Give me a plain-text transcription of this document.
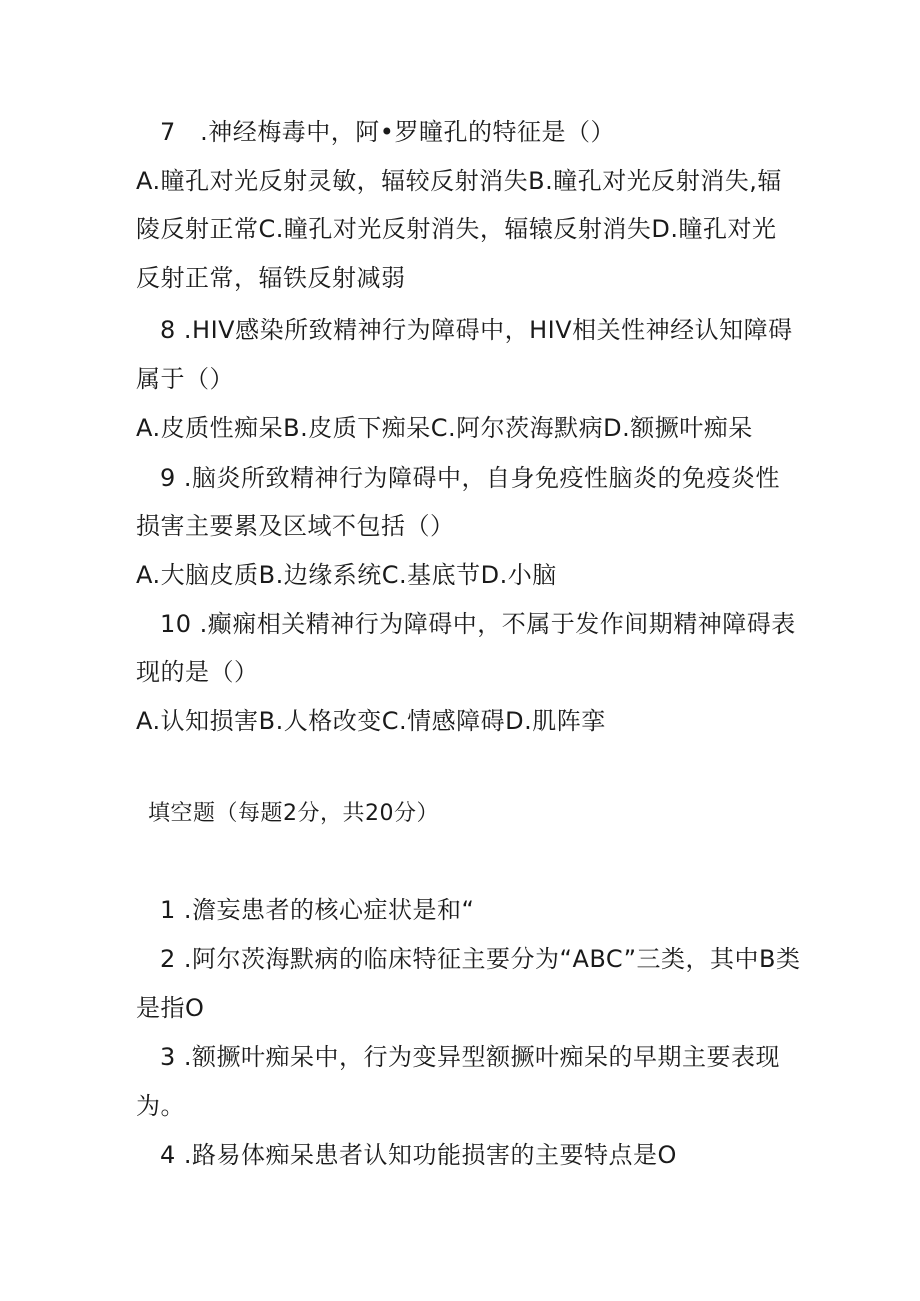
7   .神经梅毒中，阿•罗瞳孔的特征是（）
A.瞳孔对光反射灵敏，辐较反射消失B.瞳孔对光反射消失,辐
陵反射正常C.瞳孔对光反射消失，辐辕反射消失D.瞳孔对光
反射正常，辐铁反射减弱
8 .HIV感染所致精神行为障碍中，HIV相关性神经认知障碍
属于（）
A.皮质性痴呆B.皮质下痴呆C.阿尔茨海默病D.额撅叶痴呆
9 .脑炎所致精神行为障碍中，自身免疫性脑炎的免疫炎性
损害主要累及区域不包括（）
A.大脑皮质B.边缘系统C.基底节D.小脑
10 .癫痫相关精神行为障碍中，不属于发作间期精神障碍表
现的是（）
A.认知损害B.人格改变C.情感障碍D.肌阵挛
填空题（每题2分，共20分）
1 .澹妄患者的核心症状是和“
2 .阿尔茨海默病的临床特征主要分为“ABC”三类，其中B类
是指O
3 .额撅叶痴呆中，行为变异型额撅叶痴呆的早期主要表现
为。
4 .路易体痴呆患者认知功能损害的主要特点是O
